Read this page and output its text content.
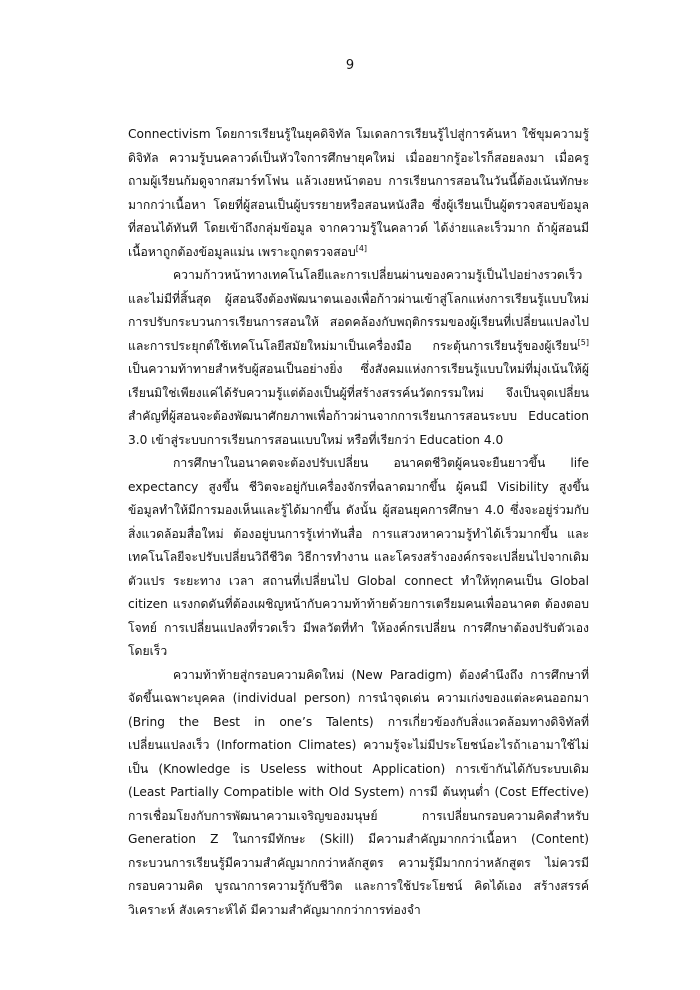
9

Connectivism โดยการเรียนรู้ในยุคดิจิทัล โมเดลการเรียนรู้ไปสู่การค้นหา ใช้ขุมความรู้ดิจิทัล ความรู้บนคลาวด์เป็นหัวใจการศึกษายุคใหม่ เมื่ออยากรู้อะไรก็สอยลงมา เมื่อครูถามผู้เรียนก้มดูจากสมาร์ทโฟน แล้วเงยหน้าตอบ การเรียนการสอนในวันนี้ต้องเน้นทักษะมากกว่าเนื้อหา โดยที่ผู้สอนเป็นผู้บรรยายหรือสอนหนังสือ ซึ่งผู้เรียนเป็นผู้ตรวจสอบข้อมูลที่สอนได้ทันที โดยเข้าถึงกลุ่มข้อมูล จากความรู้ในคลาวด์ ได้ง่ายและเร็วมาก ถ้าผู้สอนมีเนื้อหาถูกต้องข้อมูลแม่น เพราะถูกตรวจสอบ[4]

ความก้าวหน้าทางเทคโนโลยีและการเปลี่ยนผ่านของความรู้เป็นไปอย่างรวดเร็วและไม่มีที่สิ้นสุด ผู้สอนจึงต้องพัฒนาตนเองเพื่อก้าวผ่านเข้าสู่โลกแห่งการเรียนรู้แบบใหม่ การปรับกระบวนการเรียนการสอนให้ สอดคล้องกับพฤติกรรมของผู้เรียนที่เปลี่ยนแปลงไป และการประยุกต์ใช้เทคโนโลยีสมัยใหม่มาเป็นเครื่องมือ กระตุ้นการเรียนรู้ของผู้เรียน[5] เป็นความท้าทายสำหรับผู้สอนเป็นอย่างยิ่ง ซึ่งสังคมแห่งการเรียนรู้แบบใหม่ที่มุ่งเน้นให้ผู้เรียนมิใช่เพียงแค่ได้รับความรู้แต่ต้องเป็นผู้ที่สร้างสรรค์นวัตกรรมใหม่ จึงเป็นจุดเปลี่ยนสำคัญที่ผู้สอนจะต้องพัฒนาศักยภาพเพื่อก้าวผ่านจากการเรียนการสอนระบบ Education 3.0 เข้าสู่ระบบการเรียนการสอนแบบใหม่ หรือที่เรียกว่า Education 4.0

การศึกษาในอนาคตจะต้องปรับเปลี่ยน อนาคตชีวิตผู้คนจะยืนยาวขึ้น life expectancy สูงขึ้น ชีวิตจะอยู่กับเครื่องจักรที่ฉลาดมากขึ้น ผู้คนมี Visibility สูงขึ้น ข้อมูลทำให้มีการมองเห็นและรู้ได้มากขึ้น ดังนั้น ผู้สอนยุคการศึกษา 4.0 ซึ่งจะอยู่ร่วมกับสิ่งแวดล้อมสื่อใหม่ ต้องอยู่บนการรู้เท่าทันสื่อ การแสวงหาความรู้ทำได้เร็วมากขึ้น และเทคโนโลยีจะปรับเปลี่ยนวิถีชีวิต วิธีการทำงาน และโครงสร้างองค์กรจะเปลี่ยนไปจากเดิม ตัวแปร ระยะทาง เวลา สถานที่เปลี่ยนไป Global connect ทำให้ทุกคนเป็น Global citizen แรงกดดันที่ต้องเผชิญหน้ากับความท้าท้ายด้วยการเตรียมคนเพื่ออนาคต ต้องตอบโจทย์ การเปลี่ยนแปลงที่รวดเร็ว มีพลวัตที่ทำ ให้องค์กรเปลี่ยน การศึกษาต้องปรับตัวเองโดยเร็ว

ความท้าท้ายสู่กรอบความคิดใหม่ (New Paradigm) ต้องคำนึงถึง การศึกษาที่จัดขึ้นเฉพาะบุคคล (individual person) การนำจุดเด่น ความเก่งของแต่ละคนออกมา (Bring the Best in one’s Talents) การเกี่ยวข้องกับสิ่งแวดล้อมทางดิจิทัลที่เปลี่ยนแปลงเร็ว (Information Climates) ความรู้จะไม่มีประโยชน์อะไรถ้าเอามาใช้ไม่เป็น (Knowledge is Useless without Application) การเข้ากันได้กับระบบเดิม (Least Partially Compatible with Old System) การมี ต้นทุนต่ำ (Cost Effective) การเชื่อมโยงกับการพัฒนาความเจริญของมนุษย์ การเปลี่ยนกรอบความคิดสำหรับ Generation Z ในการมีทักษะ (Skill) มีความสำคัญมากกว่าเนื้อหา (Content) กระบวนการเรียนรู้มีความสำคัญมากกว่าหลักสูตร ความรู้มีมากกว่าหลักสูตร ไม่ควรมีกรอบความคิด บูรณาการความรู้กับชีวิต และการใช้ประโยชน์ คิดได้เอง สร้างสรรค์ วิเคราะห์ สังเคราะห์ได้ มีความสำคัญมากกว่าการท่องจำ
